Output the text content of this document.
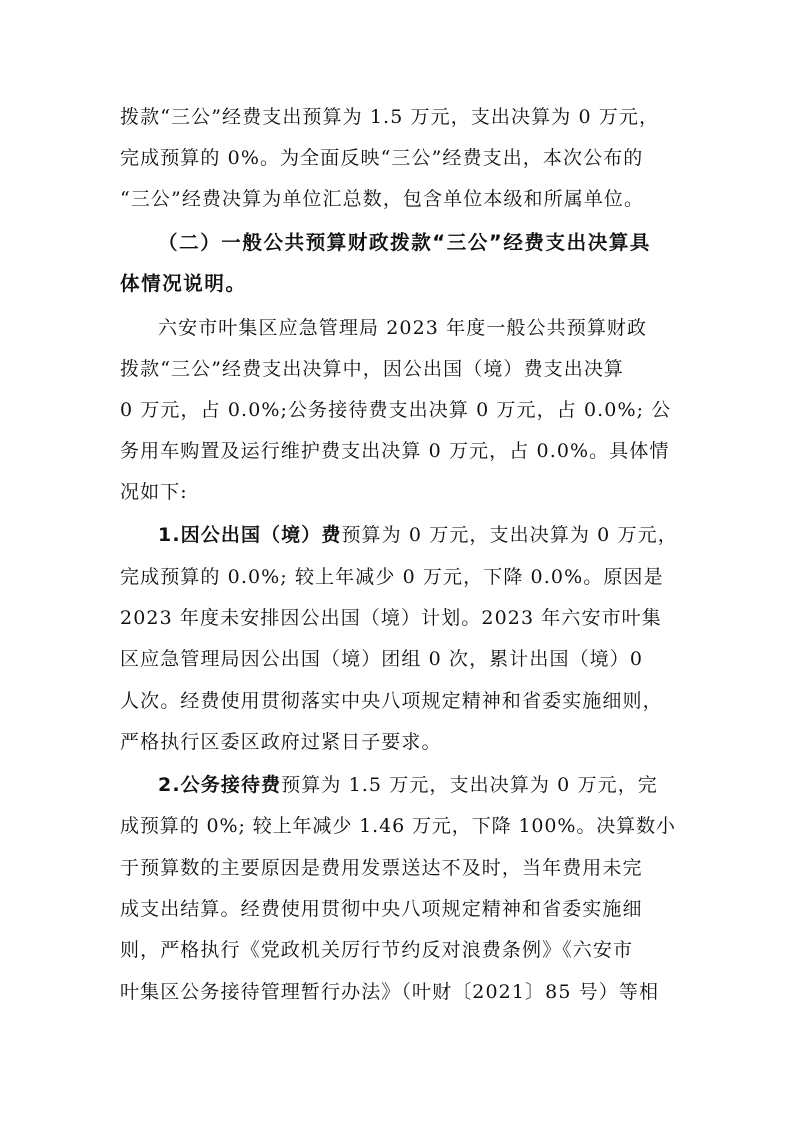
拨款“三公”经费支出预算为 1.5 万元，支出决算为 0 万元，
完成预算的 0%。为全面反映“三公”经费支出，本次公布的
“三公”经费决算为单位汇总数，包含单位本级和所属单位。
（二）一般公共预算财政拨款“三公”经费支出决算具
体情况说明。
六安市叶集区应急管理局 2023 年度一般公共预算财政
拨款“三公”经费支出决算中，因公出国（境）费支出决算
0 万元，占 0.0%;公务接待费支出决算 0 万元，占 0.0%; 公
务用车购置及运行维护费支出决算 0 万元，占 0.0%。具体情
况如下:
1.因公出国（境）费预算为 0 万元，支出决算为 0 万元，
完成预算的 0.0%; 较上年减少 0 万元，下降 0.0%。原因是
2023 年度未安排因公出国（境）计划。2023 年六安市叶集
区应急管理局因公出国（境）团组 0 次，累计出国（境）0
人次。经费使用贯彻落实中央八项规定精神和省委实施细则，
严格执行区委区政府过紧日子要求。
2.公务接待费预算为 1.5 万元，支出决算为 0 万元，完
成预算的 0%; 较上年减少 1.46 万元，下降 100%。决算数小
于预算数的主要原因是费用发票送达不及时，当年费用未完
成支出结算。经费使用贯彻中央八项规定精神和省委实施细
则，严格执行《党政机关厉行节约反对浪费条例》《六安市
叶集区公务接待管理暂行办法》（叶财〔2021〕85 号）等相
